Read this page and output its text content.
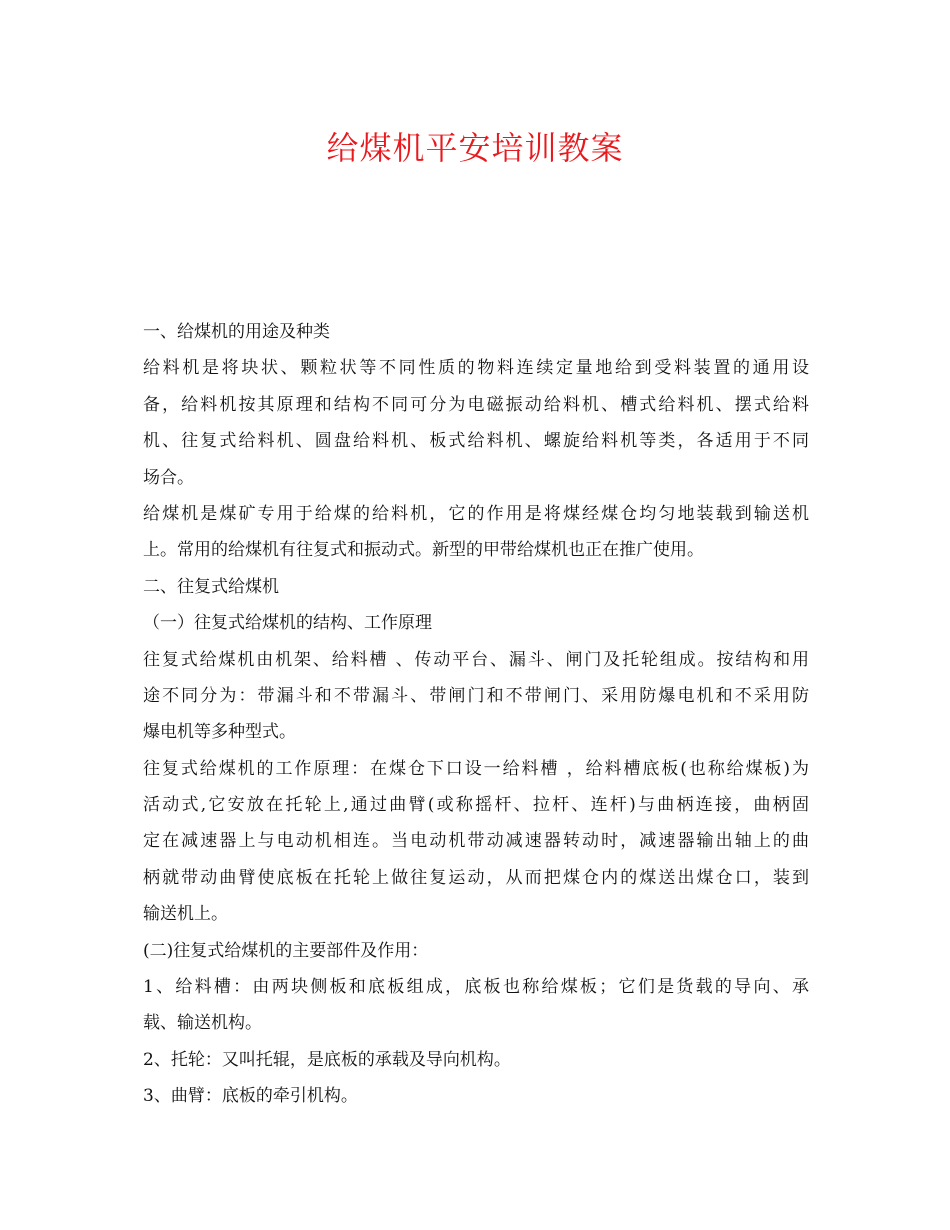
给煤机平安培训教案

一、给煤机的用途及种类

给料机是将块状、颗粒状等不同性质的物料连续定量地给到受料装置的通用设

备，给料机按其原理和结构不同可分为电磁振动给料机、槽式给料机、摆式给料

机、往复式给料机、圆盘给料机、板式给料机、螺旋给料机等类，各适用于不同

场合。

给煤机是煤矿专用于给煤的给料机，它的作用是将煤经煤仓均匀地装载到输送机

上。常用的给煤机有往复式和振动式。新型的甲带给煤机也正在推广使用。

二、往复式给煤机

（一）往复式给煤机的结构、工作原理

往复式给煤机由机架、给料槽 、传动平台、漏斗、闸门及托轮组成。按结构和用

途不同分为：带漏斗和不带漏斗、带闸门和不带闸门、采用防爆电机和不采用防

爆电机等多种型式。

往复式给煤机的工作原理：在煤仓下口设一给料槽 ，给料槽底板(也称给煤板)为

活动式,它安放在托轮上,通过曲臂(或称摇杆、拉杆、连杆)与曲柄连接，曲柄固

定在减速器上与电动机相连。当电动机带动减速器转动时，减速器输出轴上的曲

柄就带动曲臂使底板在托轮上做往复运动，从而把煤仓内的煤送出煤仓口，装到

输送机上。

(二)往复式给煤机的主要部件及作用：

1、给料槽：由两块侧板和底板组成，底板也称给煤板；它们是货载的导向、承

载、输送机构。

2、托轮：又叫托辊，是底板的承载及导向机构。

3、曲臂：底板的牵引机构。
